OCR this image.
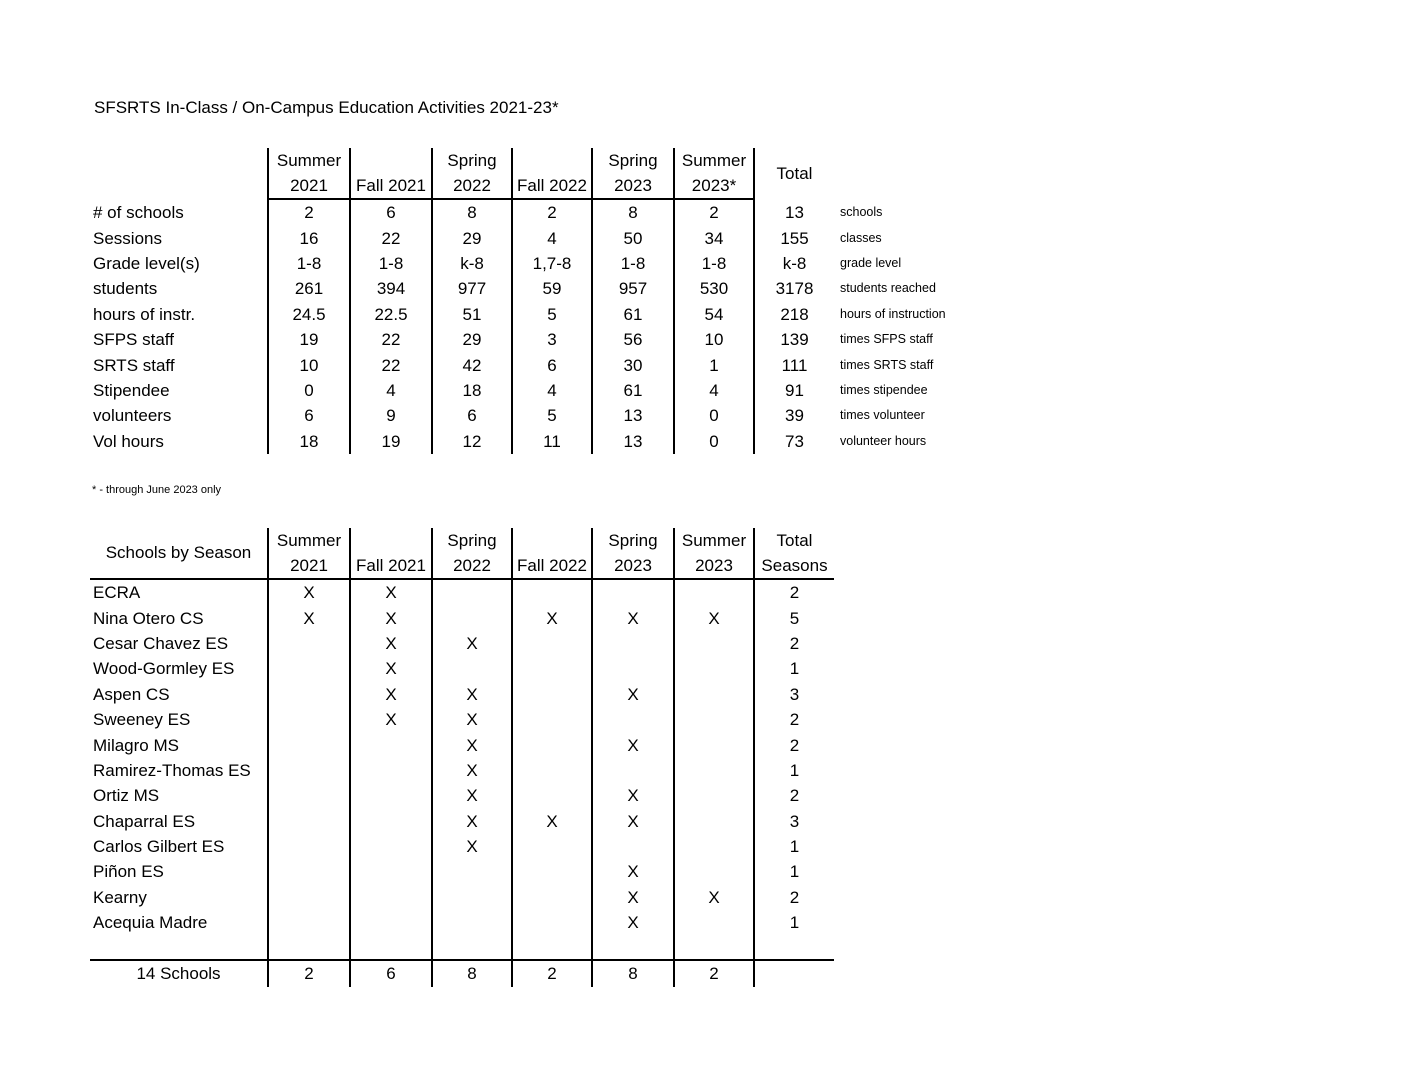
SFSRTS In-Class / On-Campus Education Activities 2021-23*
	Summer		Spring		Spring	Summer	Total	
	2021	Fall 2021	2022	Fall 2022	2023	2023*		
# of schools	2	6	8	2	8	2	13	schools
Sessions	16	22	29	4	50	34	155	classes
Grade level(s)	1-8	1-8	k-8	1,7-8	1-8	1-8	k-8	grade level
students	261	394	977	59	957	530	3178	students reached
hours of instr.	24.5	22.5	51	5	61	54	218	hours of instruction
SFPS staff	19	22	29	3	56	10	139	times SFPS staff
SRTS staff	10	22	42	6	30	1	111	times SRTS staff
Stipendee	0	4	18	4	61	4	91	times stipendee
volunteers	6	9	6	5	13	0	39	times volunteer
Vol hours	18	19	12	11	13	0	73	volunteer hours
* - through June 2023 only
Schools by Season	Summer		Spring		Spring	Summer	Total
	2021	Fall 2021	2022	Fall 2022	2023	2023	Seasons
ECRA	X	X					2
Nina Otero CS	X	X		X	X	X	5
Cesar Chavez ES		X	X				2
Wood-Gormley ES		X					1
Aspen CS		X	X		X		3
Sweeney ES		X	X				2
Milagro MS			X		X		2
Ramirez-Thomas ES			X				1
Ortiz MS			X		X		2
Chaparral ES			X	X	X		3
Carlos Gilbert ES			X				1
Piñon ES					X		1
Kearny					X	X	2
Acequia Madre					X		1

14 Schools	2	6	8	2	8	2	
